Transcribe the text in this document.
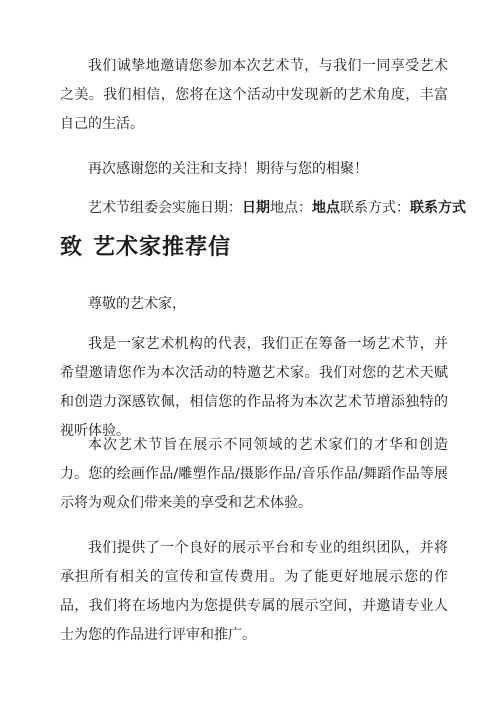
我们诚挚地邀请您参加本次艺术节，与我们一同享受艺术之美。我们相信，您将在这个活动中发现新的艺术角度，丰富自己的生活。

再次感谢您的关注和支持！期待与您的相聚！

艺术节组委会实施日期：日期地点：地点联系方式：联系方式

致 艺术家推荐信

尊敬的艺术家，

我是一家艺术机构的代表，我们正在筹备一场艺术节，并希望邀请您作为本次活动的特邀艺术家。我们对您的艺术天赋和创造力深感钦佩，相信您的作品将为本次艺术节增添独特的视听体验。

本次艺术节旨在展示不同领域的艺术家们的才华和创造力。您的绘画作品/雕塑作品/摄影作品/音乐作品/舞蹈作品等展示将为观众们带来美的享受和艺术体验。

我们提供了一个良好的展示平台和专业的组织团队，并将承担所有相关的宣传和宣传费用。为了能更好地展示您的作品，我们将在场地内为您提供专属的展示空间，并邀请专业人士为您的作品进行评审和推广。
